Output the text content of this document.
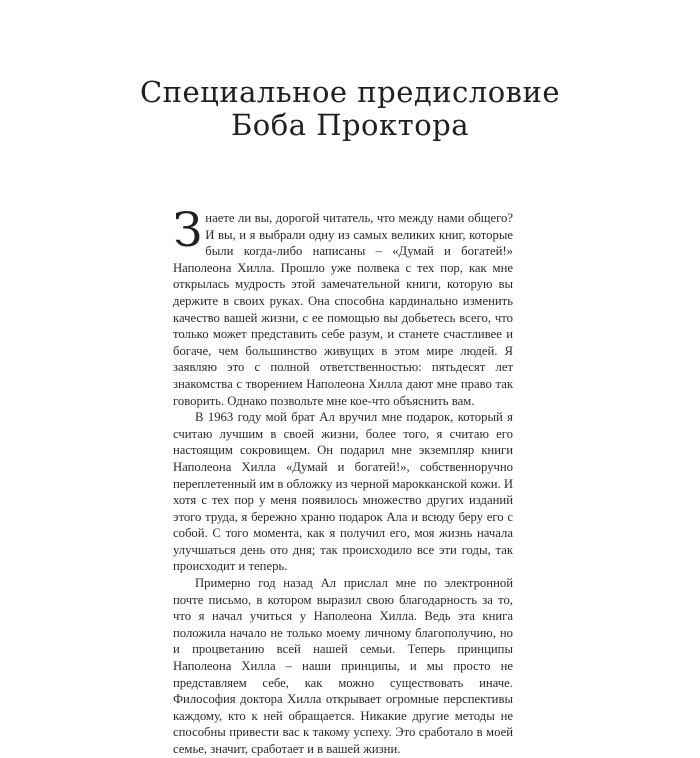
Специальное предисловие
Боба Проктора

Знаете ли вы, дорогой читатель, что между нами общего? И вы, и я выбрали одну из самых великих книг, которые были когда-либо написаны – «Думай и богатей!» Наполеона Хилла. Прошло уже полвека с тех пор, как мне открылась мудрость этой замечательной книги, которую вы держите в своих руках. Она способна кардинально изменить качество вашей жизни, с ее помощью вы добьетесь всего, что только может представить себе разум, и станете счастливее и богаче, чем большинство живущих в этом мире людей. Я заявляю это с полной ответственностью: пятьдесят лет знакомства с творением Наполеона Хилла дают мне право так говорить. Однако позвольте мне кое-что объяснить вам.

В 1963 году мой брат Ал вручил мне подарок, который я считаю лучшим в своей жизни, более того, я считаю его настоящим сокровищем. Он подарил мне экземпляр книги Наполеона Хилла «Думай и богатей!», собственноручно переплетенный им в обложку из черной марокканской кожи. И хотя с тех пор у меня появилось множество других изданий этого труда, я бережно храню подарок Ала и всюду беру его с собой. С того момента, как я получил его, моя жизнь начала улучшаться день ото дня; так происходило все эти годы, так происходит и теперь.

Примерно год назад Ал прислал мне по электронной почте письмо, в котором выразил свою благодарность за то, что я начал учиться у Наполеона Хилла. Ведь эта книга положила начало не только моему личному благополучию, но и процветанию всей нашей семьи. Теперь принципы Наполеона Хилла – наши принципы, и мы просто не представляем себе, как можно существовать иначе. Философия доктора Хилла открывает огромные перспективы каждому, кто к ней обращается. Никакие другие методы не способны привести вас к такому успеху. Это сработало в моей семье, значит, сработает и в вашей жизни.
